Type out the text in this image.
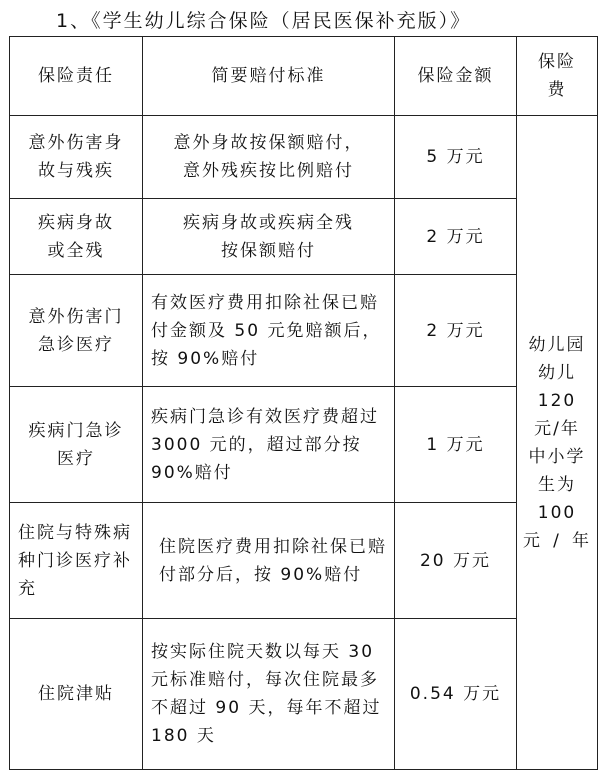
1、《学生幼儿综合保险（居民医保补充版）》
保险责任	简要赔付标准	保险金额	保险费
意外伤害身故与残疾	意外身故按保额赔付，意外残疾按比例赔付	5 万元	幼儿园幼儿 120 元/年 中小学生为 100 元/年
疾病身故或全残	疾病身故或疾病全残按保额赔付	2 万元	
意外伤害门急诊医疗	有效医疗费用扣除社保已赔付金额及 50 元免赔额后，按 90%赔付	2 万元	
疾病门急诊医疗	疾病门急诊有效医疗费超过 3000 元的，超过部分按 90%赔付	1 万元	
住院与特殊病种门诊医疗补充	住院医疗费用扣除社保已赔付部分后，按 90%赔付	20 万元	
住院津贴	按实际住院天数以每天 30 元标准赔付，每次住院最多不超过 90 天，每年不超过 180 天	0.54 万元	
